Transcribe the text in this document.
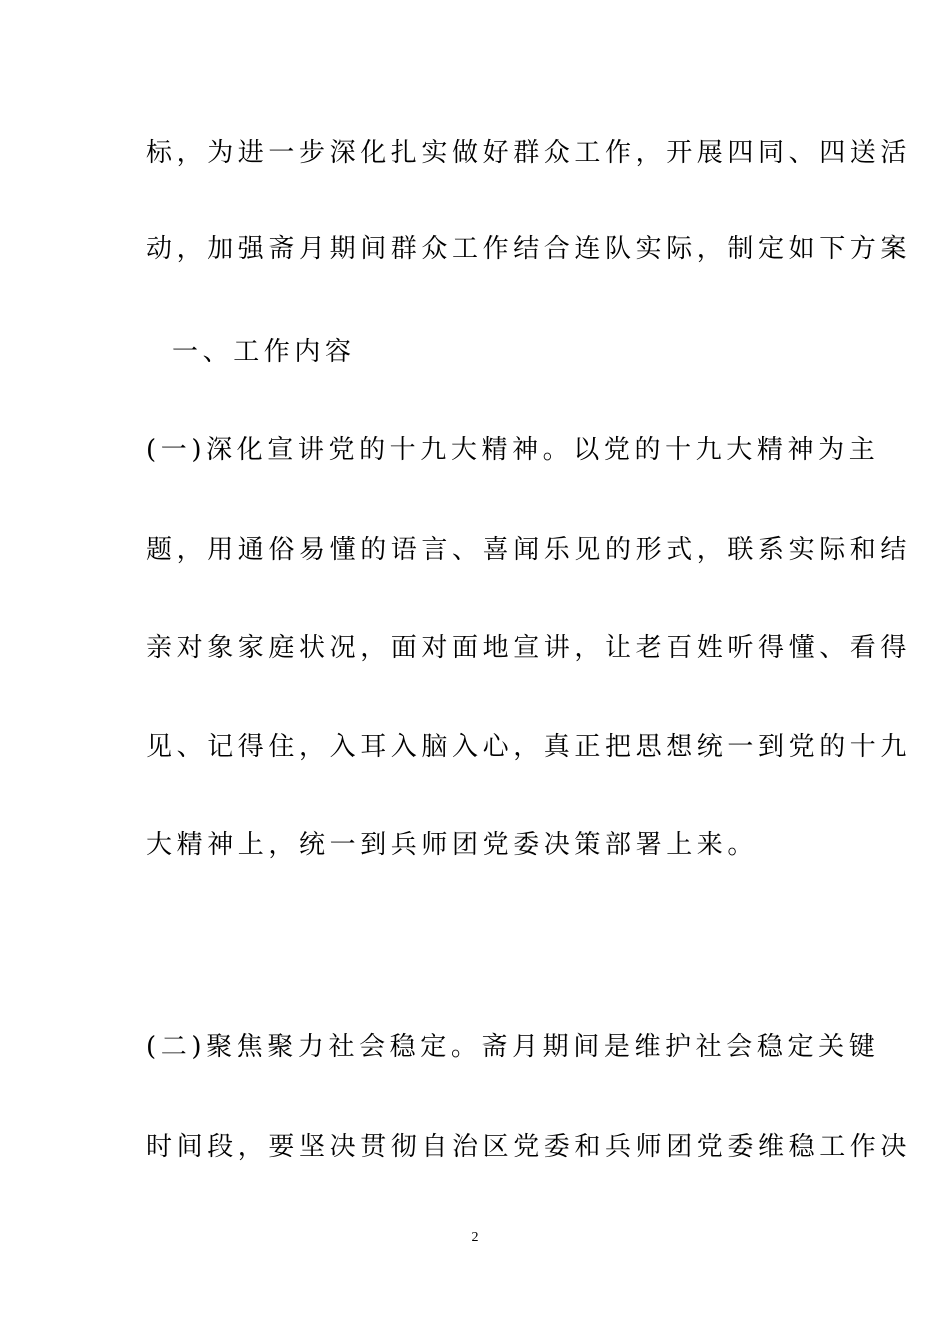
标，为进一步深化扎实做好群众工作，开展四同、四送活
动，加强斋月期间群众工作结合连队实际，制定如下方案
一、工作内容
(一)深化宣讲党的十九大精神。以党的十九大精神为主
题，用通俗易懂的语言、喜闻乐见的形式，联系实际和结
亲对象家庭状况，面对面地宣讲，让老百姓听得懂、看得
见、记得住，入耳入脑入心，真正把思想统一到党的十九
大精神上，统一到兵师团党委决策部署上来。
(二)聚焦聚力社会稳定。斋月期间是维护社会稳定关键
时间段，要坚决贯彻自治区党委和兵师团党委维稳工作决
2
